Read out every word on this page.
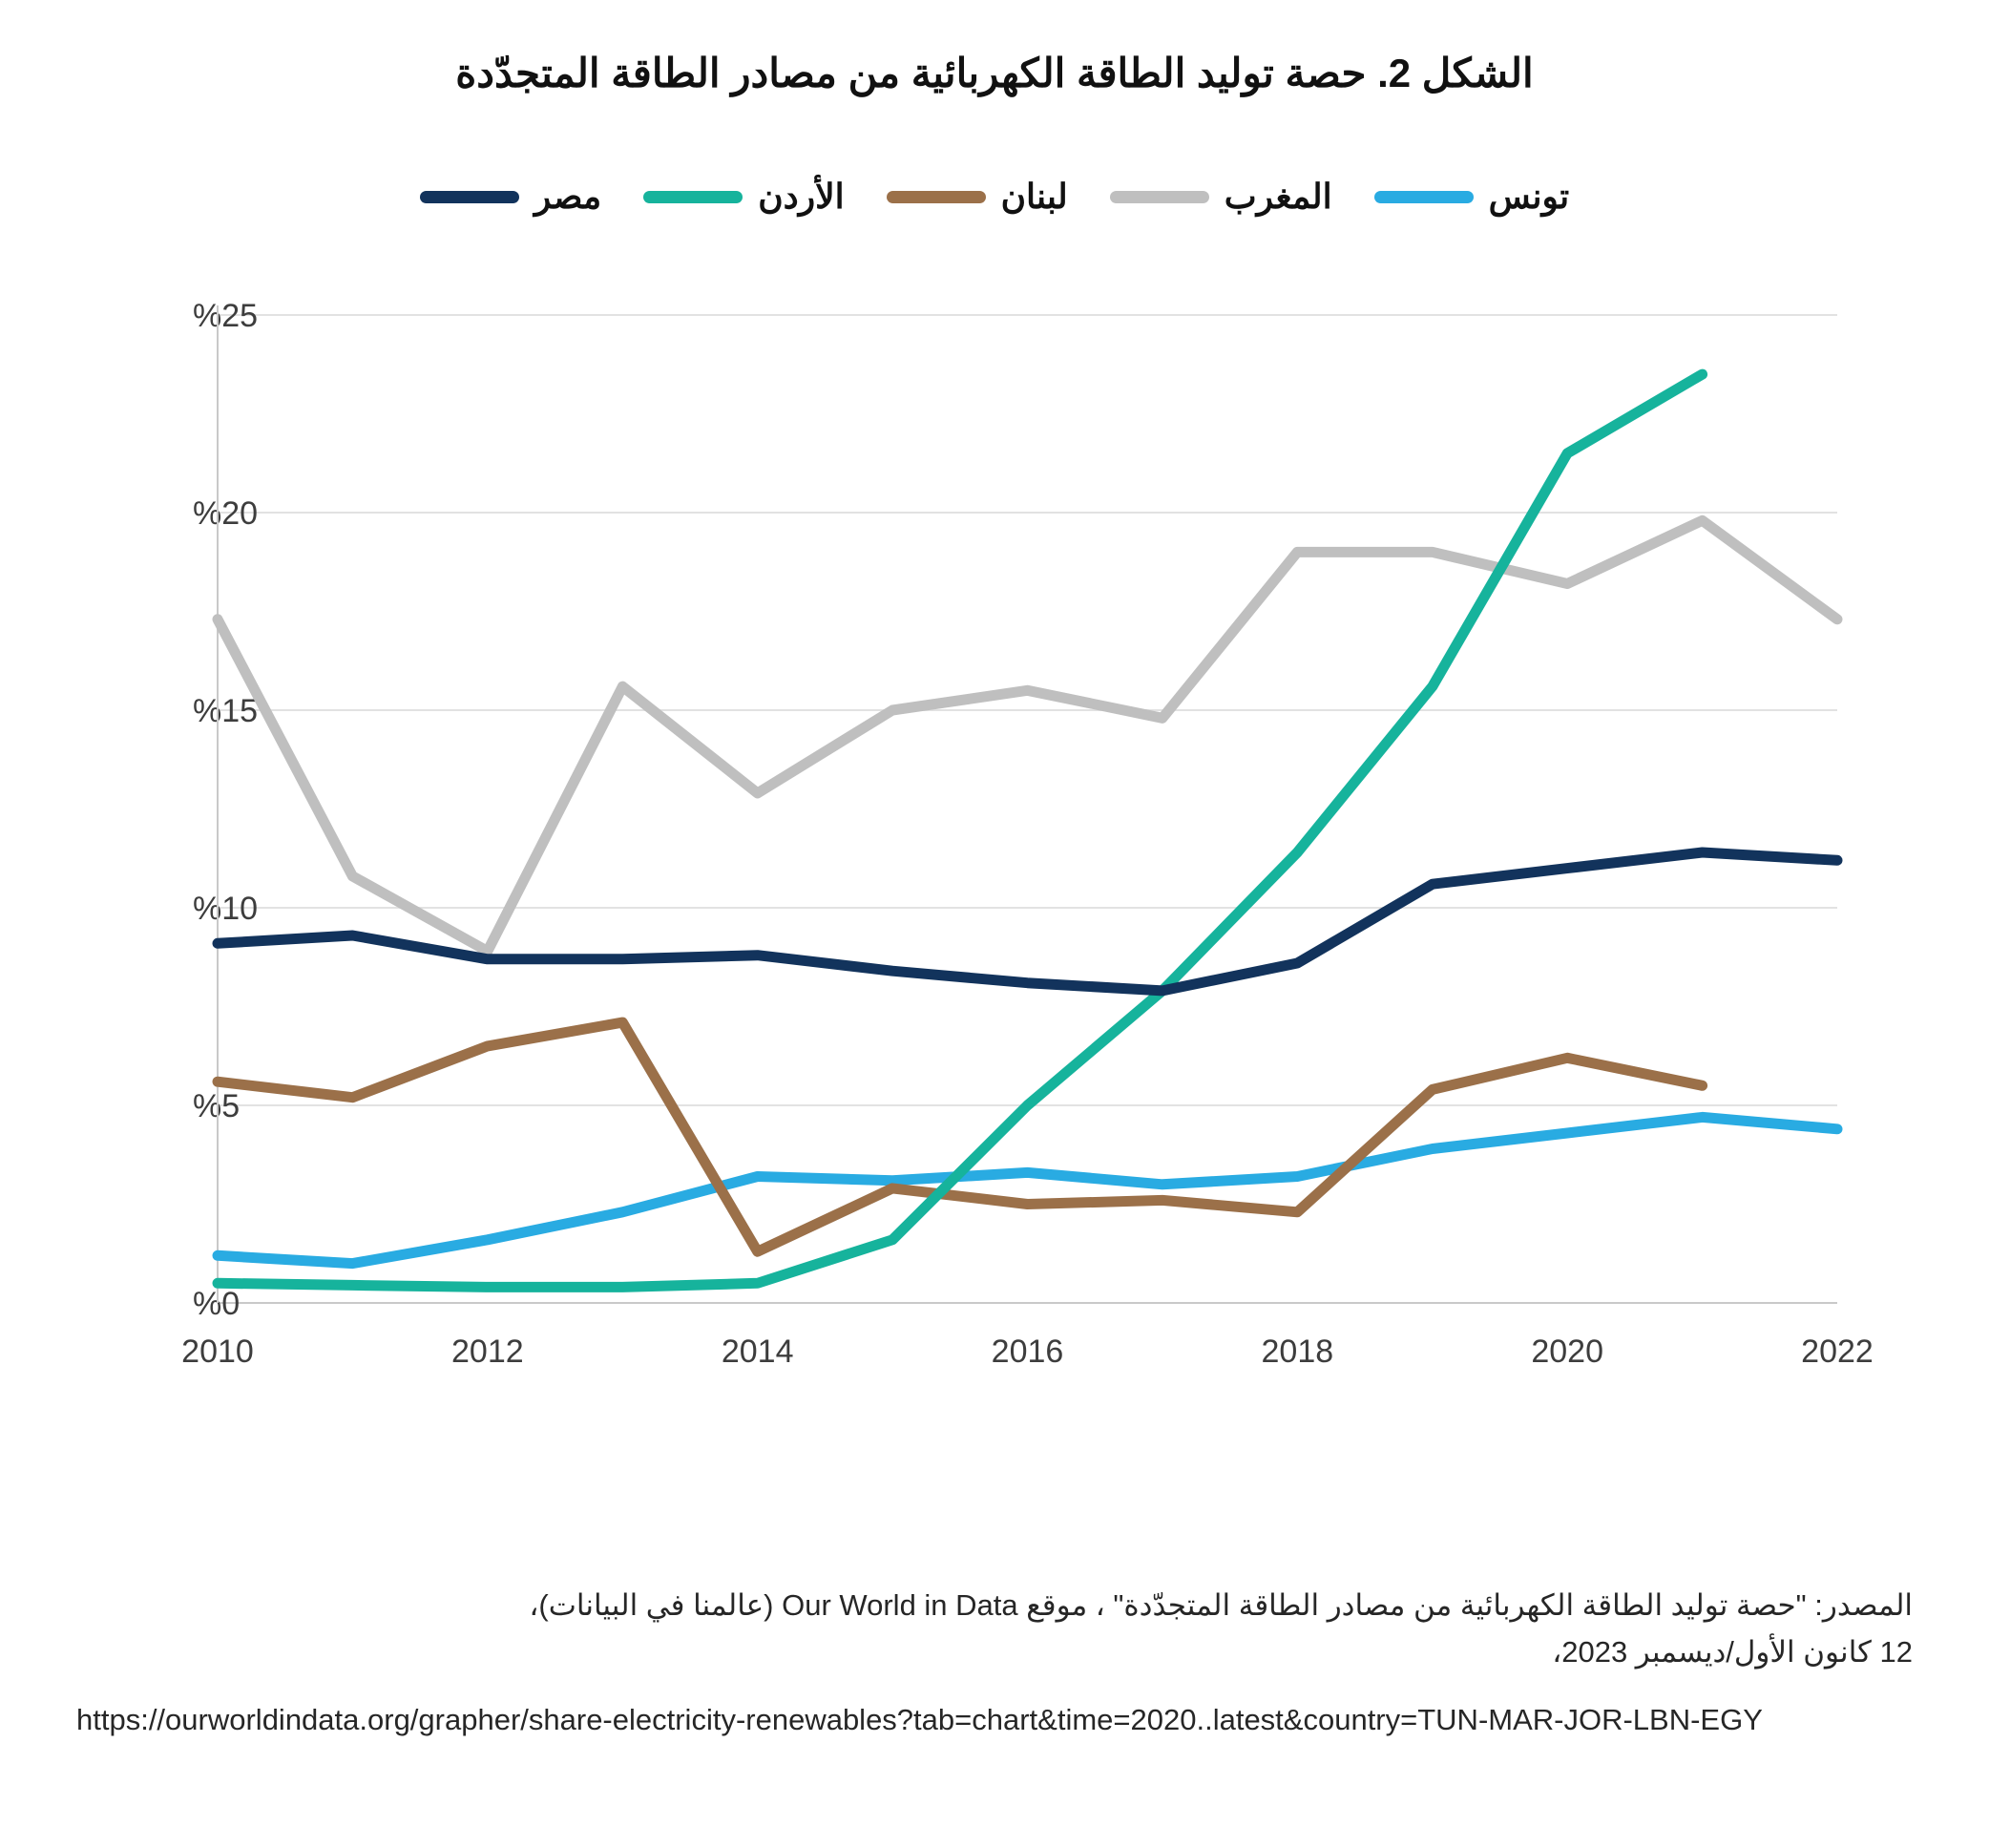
الشكل 2. حصة توليد الطاقة الكهربائية من مصادر الطاقة المتجدّدة
تونس
المغرب
لبنان
الأردن
مصر
%0
%5
%10
%15
%20
%25
2010	2012	2014	2016	2018	2020	2022
المصدر: "حصة توليد الطاقة الكهربائية من مصادر الطاقة المتجدّدة" ، موقع Our World in Data (عالمنا في البيانات)،
12 كانون الأول/ديسمبر 2023،
https://ourworldindata.org/grapher/share-electricity-renewables?tab=chart&time=2020..latest&country=TUN-MAR-JOR-LBN-EGY
